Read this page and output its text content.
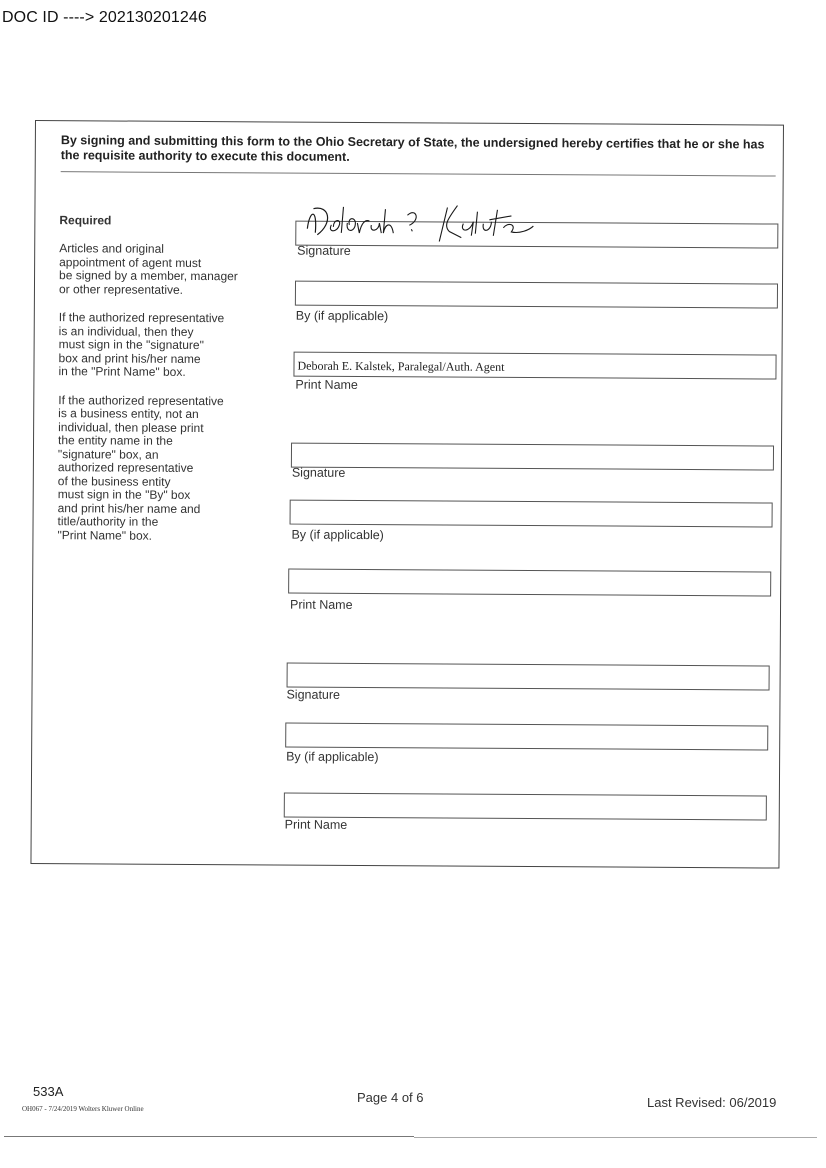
DOC ID ----> 202130201246
By signing and submitting this form to the Ohio Secretary of State, the undersigned hereby certifies that he or she has the requisite authority to execute this document.
Required

Articles and original
appointment of agent must
be signed by a member, manager
or other representative.

If the authorized representative
is an individual, then they
must sign in the "signature"
box and print his/her name
in the "Print Name" box.

If the authorized representative
is a business entity, not an
individual, then please print
the entity name in the
"signature" box, an
authorized representative
of the business entity
must sign in the "By" box
and print his/her name and
title/authority in the
"Print Name" box.

Signature
By (if applicable)
Deborah E. Kalstek, Paralegal/Auth. Agent
Print Name
Signature
By (if applicable)
Print Name
Signature
By (if applicable)
Print Name
533A
OH067 - 7/24/2019 Wolters Kluwer Online
Page 4 of 6	Last Revised: 06/2019
